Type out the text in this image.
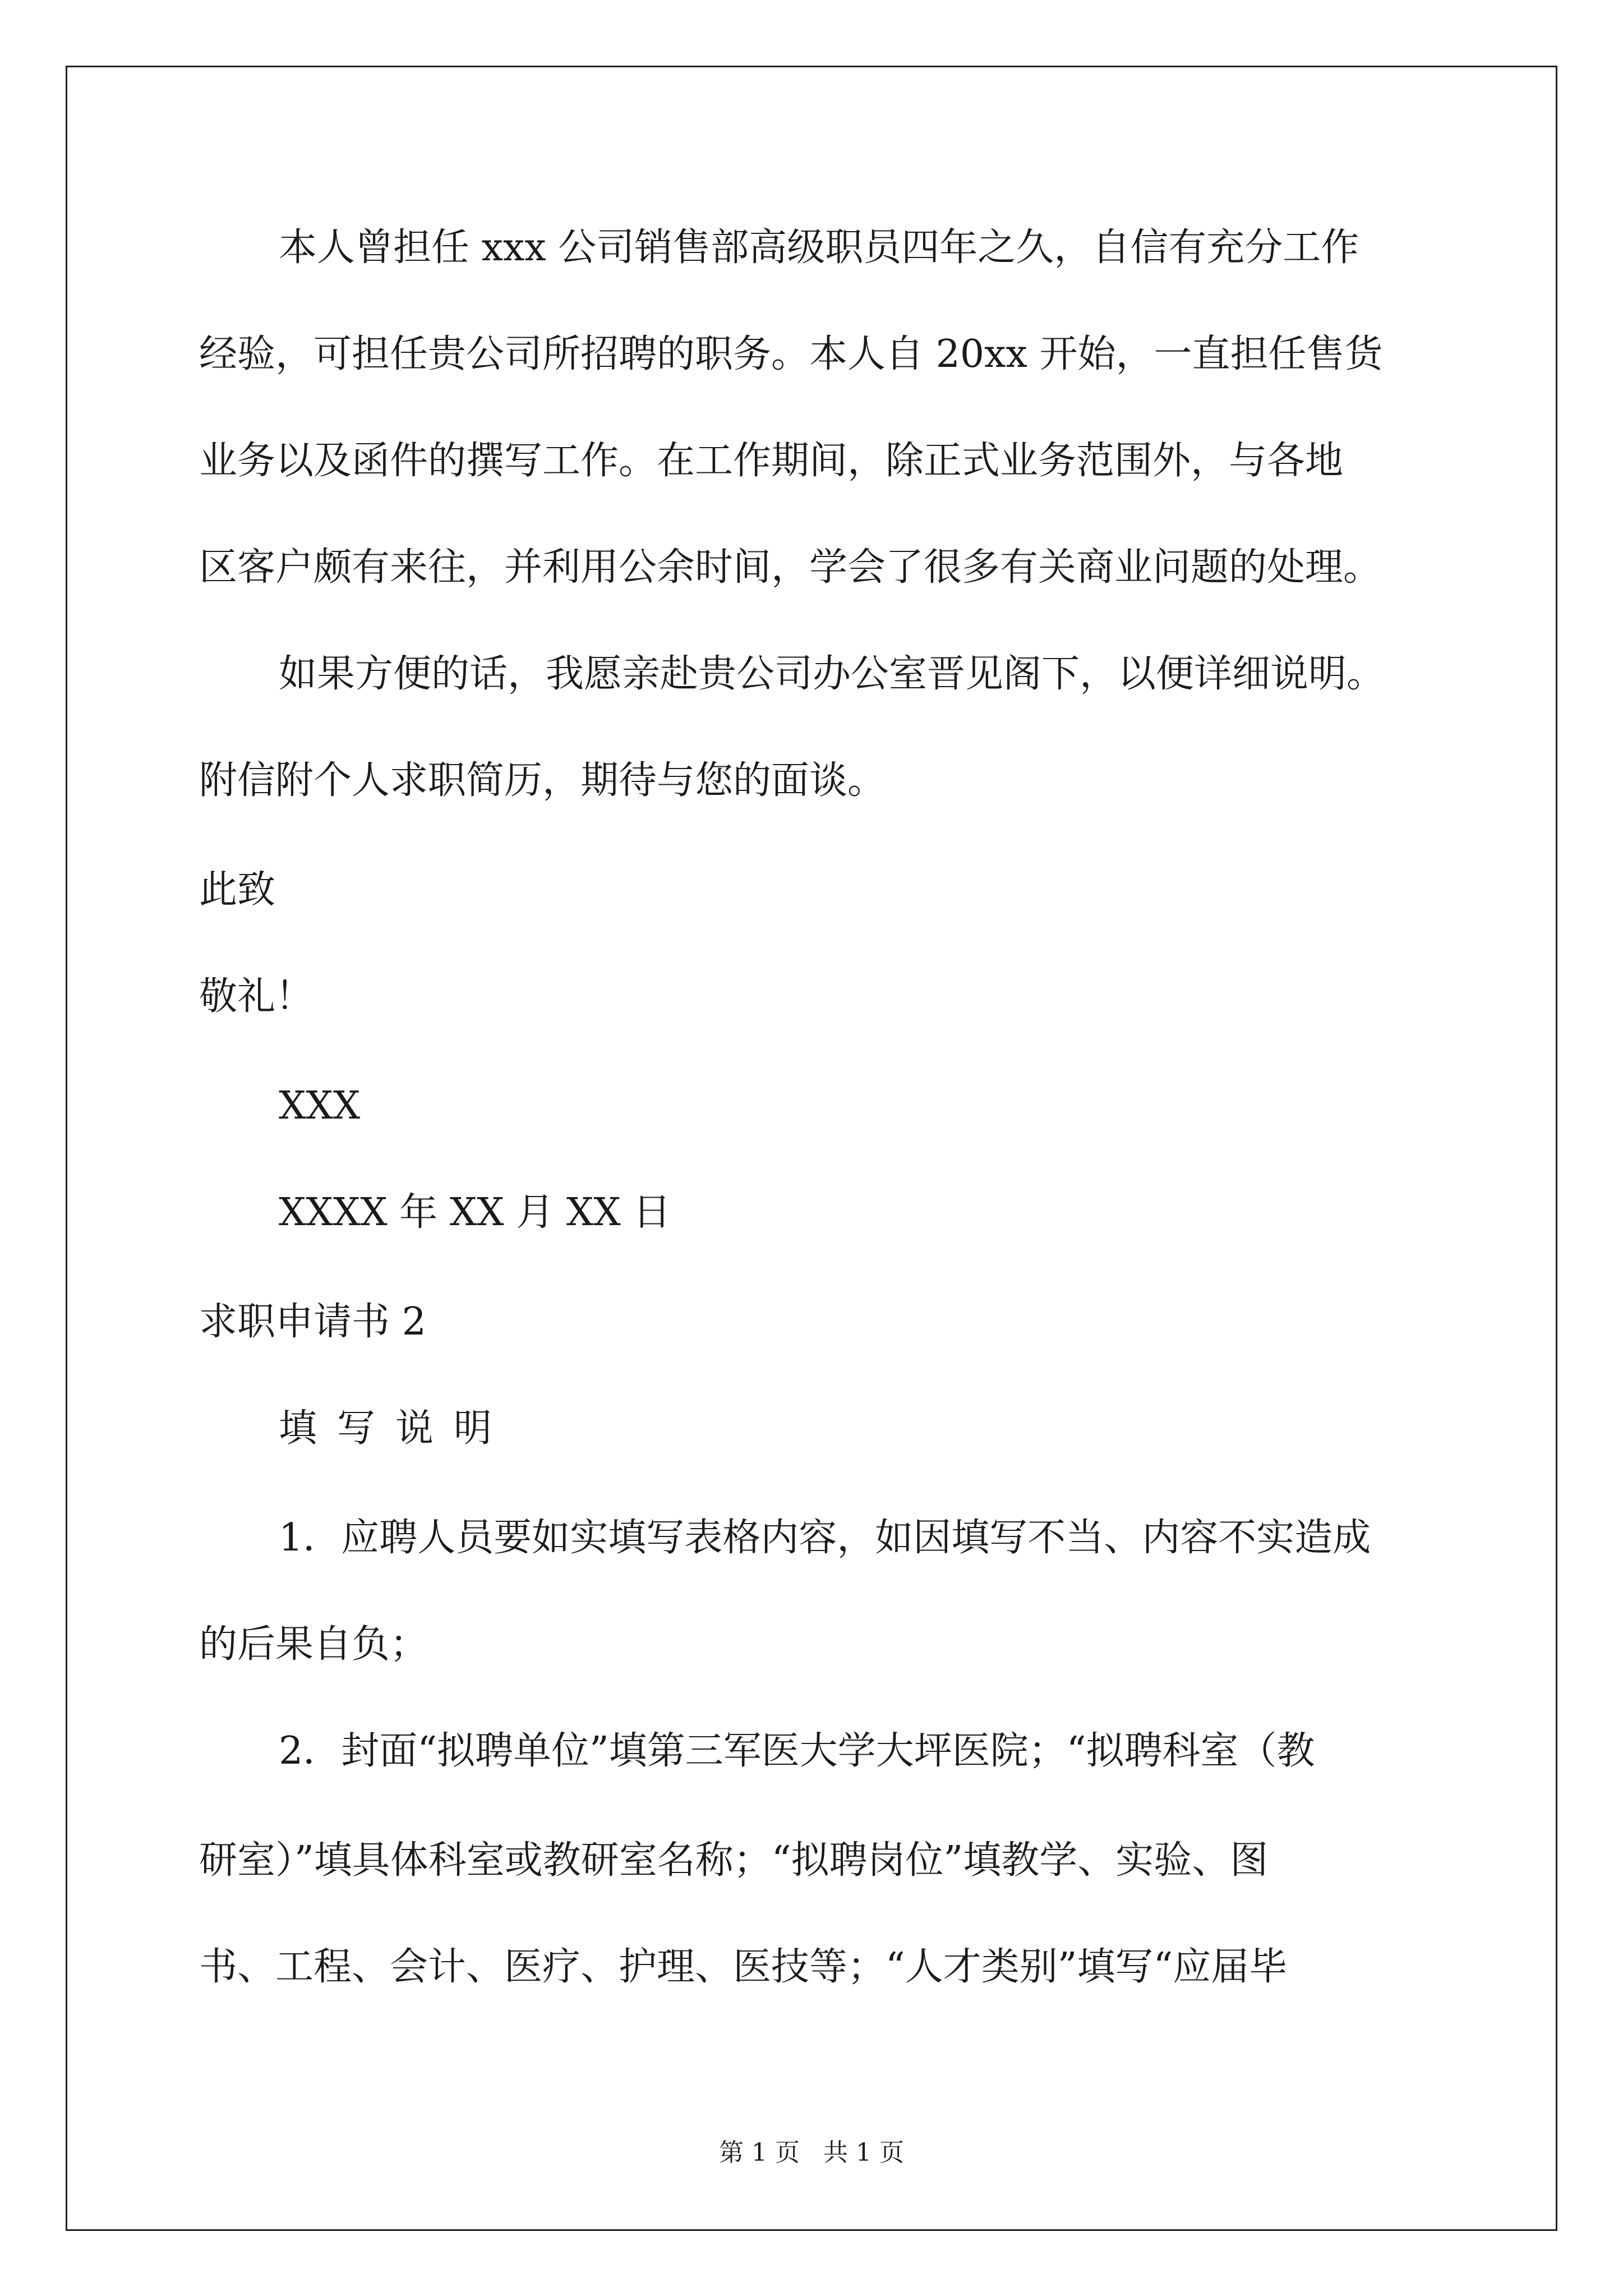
本人曾担任 xxx 公司销售部高级职员四年之久，自信有充分工作
经验，可担任贵公司所招聘的职务。本人自 20xx 开始，一直担任售货
业务以及函件的撰写工作。在工作期间，除正式业务范围外，与各地
区客户颇有来往，并利用公余时间，学会了很多有关商业问题的处理。
如果方便的话，我愿亲赴贵公司办公室晋见阁下，以便详细说明。
附信附个人求职简历，期待与您的面谈。
此致
敬礼！
XXX
XXXX 年 XX 月 XX 日
求职申请书 2
填写说明
1．应聘人员要如实填写表格内容，如因填写不当、内容不实造成
的后果自负；
2．封面“拟聘单位”填第三军医大学大坪医院；“拟聘科室（教
研室）”填具体科室或教研室名称；“拟聘岗位”填教学、实验、图
书、工程、会计、医疗、护理、医技等；“人才类别”填写“应届毕
第 1 页   共 1 页
